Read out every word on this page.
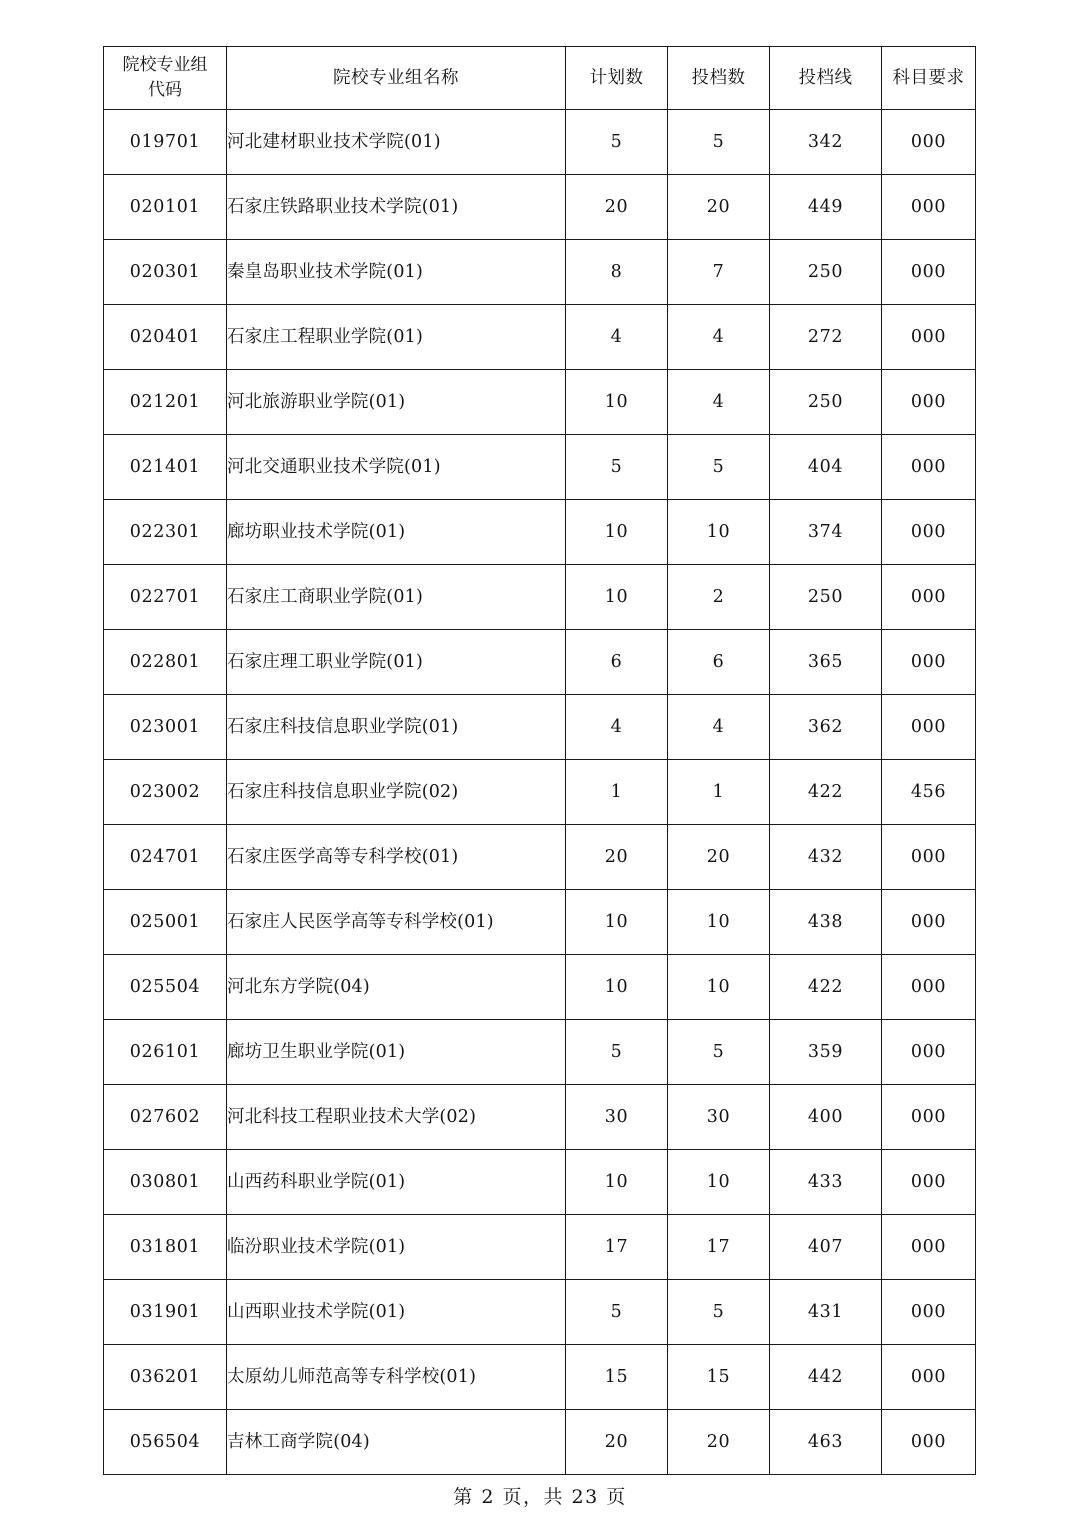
院校专业组
代码	院校专业组名称	计划数	投档数	投档线	科目要求
019701	河北建材职业技术学院(01)	5	5	342	000
020101	石家庄铁路职业技术学院(01)	20	20	449	000
020301	秦皇岛职业技术学院(01)	8	7	250	000
020401	石家庄工程职业学院(01)	4	4	272	000
021201	河北旅游职业学院(01)	10	4	250	000
021401	河北交通职业技术学院(01)	5	5	404	000
022301	廊坊职业技术学院(01)	10	10	374	000
022701	石家庄工商职业学院(01)	10	2	250	000
022801	石家庄理工职业学院(01)	6	6	365	000
023001	石家庄科技信息职业学院(01)	4	4	362	000
023002	石家庄科技信息职业学院(02)	1	1	422	456
024701	石家庄医学高等专科学校(01)	20	20	432	000
025001	石家庄人民医学高等专科学校(01)	10	10	438	000
025504	河北东方学院(04)	10	10	422	000
026101	廊坊卫生职业学院(01)	5	5	359	000
027602	河北科技工程职业技术大学(02)	30	30	400	000
030801	山西药科职业学院(01)	10	10	433	000
031801	临汾职业技术学院(01)	17	17	407	000
031901	山西职业技术学院(01)	5	5	431	000
036201	太原幼儿师范高等专科学校(01)	15	15	442	000
056504	吉林工商学院(04)	20	20	463	000
第 2 页，共 23 页
